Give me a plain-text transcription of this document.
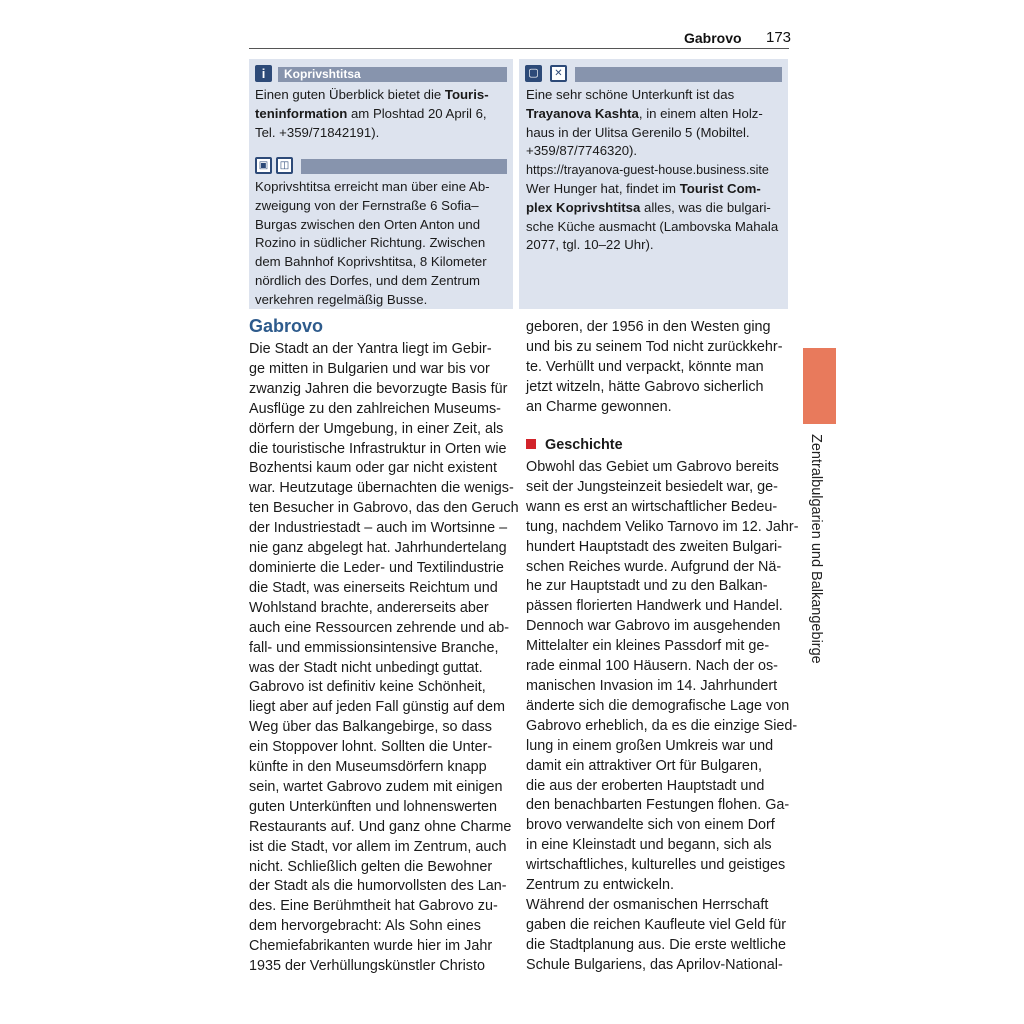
Gabrovo 173
i	Koprivshtitsa
Einen guten Überblick bietet die Touris-
teninformation am Ploshtad 20 April 6,
Tel. +359/71842191).
▣	◫
Koprivshtitsa erreicht man über eine Ab-
zweigung von der Fernstraße 6 Sofia–
Burgas zwischen den Orten Anton und
Rozino in südlicher Richtung. Zwischen
dem Bahnhof Koprivshtitsa, 8 Kilometer
nördlich des Dorfes, und dem Zentrum
verkehren regelmäßig Busse.
▢	✕
Eine sehr schöne Unterkunft ist das
Trayanova Kashta, in einem alten Holz-
haus in der Ulitsa Gerenilo 5 (Mobiltel.
+359/87/7746320).
https://trayanova-guest-house.business.site
Wer Hunger hat, findet im Tourist Com-
plex Koprivshtitsa alles, was die bulgari-
sche Küche ausmacht (Lambovska Mahala
2077, tgl. 10–22 Uhr).
Gabrovo
Die Stadt an der Yantra liegt im Gebir-
ge mitten in Bulgarien und war bis vor
zwanzig Jahren die bevorzugte Basis für
Ausflüge zu den zahlreichen Museums-
dörfern der Umgebung, in einer Zeit, als
die touristische Infrastruktur in Orten wie
Bozhentsi kaum oder gar nicht existent
war. Heutzutage übernachten die wenigs-
ten Besucher in Gabrovo, das den Geruch
der Industriestadt – auch im Wortsinne –
nie ganz abgelegt hat. Jahrhundertelang
dominierte die Leder- und Textilindustrie
die Stadt, was einerseits Reichtum und
Wohlstand brachte, andererseits aber
auch eine Ressourcen zehrende und ab-
fall- und emmissionsintensive Branche,
was der Stadt nicht unbedingt guttat.
Gabrovo ist definitiv keine Schönheit,
liegt aber auf jeden Fall günstig auf dem
Weg über das Balkangebirge, so dass
ein Stoppover lohnt. Sollten die Unter-
künfte in den Museumsdörfern knapp
sein, wartet Gabrovo zudem mit einigen
guten Unterkünften und lohnenswerten
Restaurants auf. Und ganz ohne Charme
ist die Stadt, vor allem im Zentrum, auch
nicht. Schließlich gelten die Bewohner
der Stadt als die humorvollsten des Lan-
des. Eine Berühmtheit hat Gabrovo zu-
dem hervorgebracht: Als Sohn eines
Chemiefabrikanten wurde hier im Jahr
1935 der Verhüllungskünstler Christo
geboren, der 1956 in den Westen ging
und bis zu seinem Tod nicht zurückkehr-
te. Verhüllt und verpackt, könnte man
jetzt witzeln, hätte Gabrovo sicherlich
an Charme gewonnen.
Geschichte
Obwohl das Gebiet um Gabrovo bereits
seit der Jungsteinzeit besiedelt war, ge-
wann es erst an wirtschaftlicher Bedeu-
tung, nachdem Veliko Tarnovo im 12. Jahr-
hundert Hauptstadt des zweiten Bulgari-
schen Reiches wurde. Aufgrund der Nä-
he zur Hauptstadt und zu den Balkan-
pässen florierten Handwerk und Handel.
Dennoch war Gabrovo im ausgehenden
Mittelalter ein kleines Passdorf mit ge-
rade einmal 100 Häusern. Nach der os-
manischen Invasion im 14. Jahrhundert
änderte sich die demografische Lage von
Gabrovo erheblich, da es die einzige Sied-
lung in einem großen Umkreis war und
damit ein attraktiver Ort für Bulgaren,
die aus der eroberten Hauptstadt und
den benachbarten Festungen flohen. Ga-
brovo verwandelte sich von einem Dorf
in eine Kleinstadt und begann, sich als
wirtschaftliches, kulturelles und geistiges
Zentrum zu entwickeln.
Während der osmanischen Herrschaft
gaben die reichen Kaufleute viel Geld für
die Stadtplanung aus. Die erste weltliche
Schule Bulgariens, das Aprilov-National-
Zentralbulgarien und Balkangebirge
